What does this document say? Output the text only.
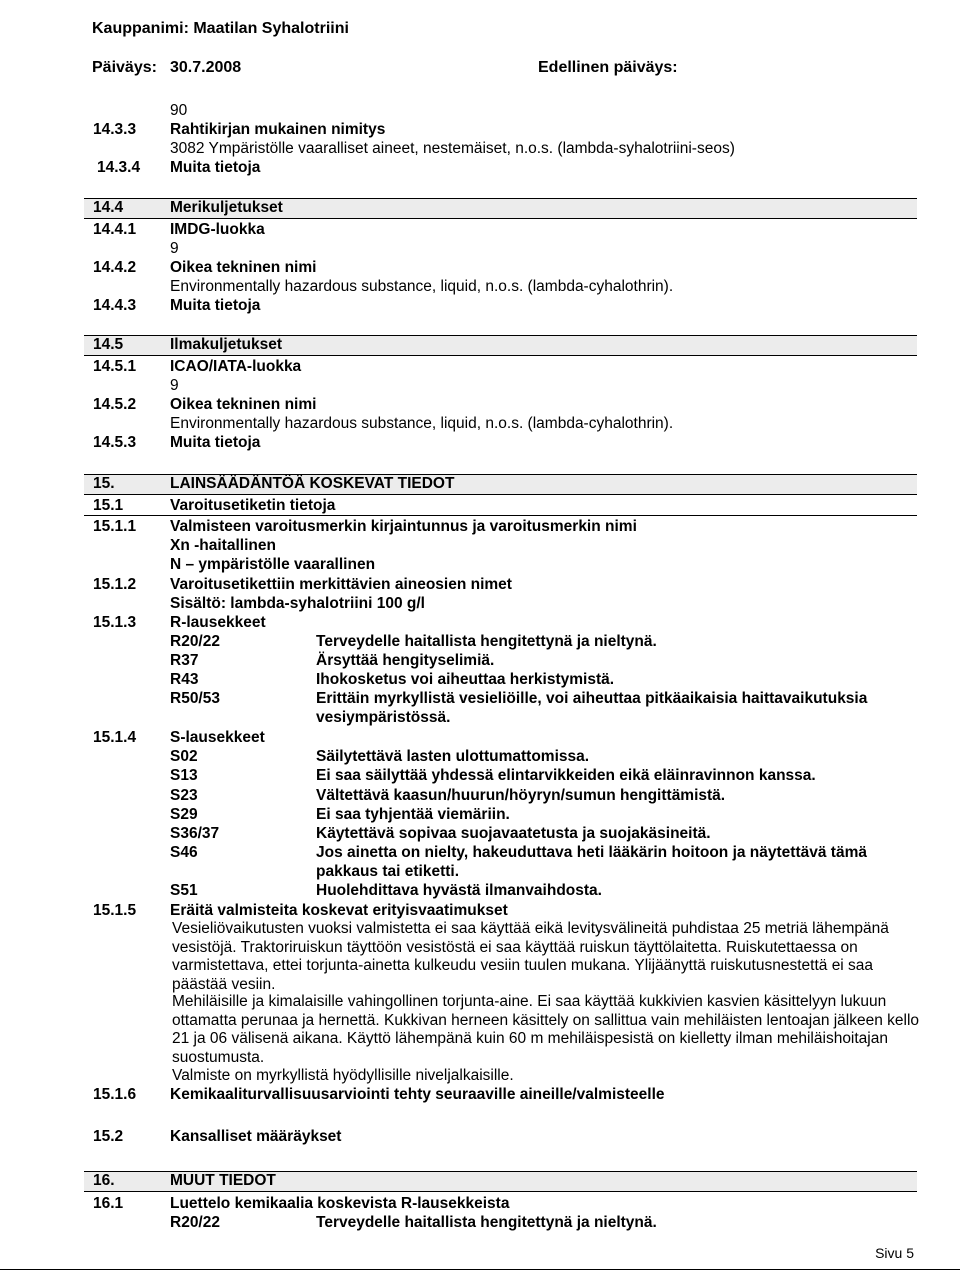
Kauppanimi: Maatilan Syhalotriini
Päiväys: 30.7.2008	Edellinen päiväys:
90
14.3.3 Rahtikirjan mukainen nimitys
3082 Ympäristölle vaaralliset aineet, nestemäiset, n.o.s. (lambda-syhalotriini-seos)
14.3.4 Muita tietoja
14.4	Merikuljetukset
14.4.1 IMDG-luokka
9
14.4.2 Oikea tekninen nimi
Environmentally hazardous substance, liquid, n.o.s. (lambda-cyhalothrin).
14.4.3 Muita tietoja
14.5	Ilmakuljetukset
14.5.1 ICAO/IATA-luokka
9
14.5.2 Oikea tekninen nimi
Environmentally hazardous substance, liquid, n.o.s. (lambda-cyhalothrin).
14.5.3 Muita tietoja
15.	LAINSÄÄDÄNTÖÄ KOSKEVAT TIEDOT
15.1	Varoitusetiketin tietoja
15.1.1 Valmisteen varoitusmerkin kirjaintunnus ja varoitusmerkin nimi
Xn -haitallinen
N – ympäristölle vaarallinen
15.1.2 Varoitusetikettiin merkittävien aineosien nimet
Sisältö: lambda-syhalotriini 100 g/l
15.1.3 R-lausekkeet
R20/22	Terveydelle haitallista hengitettynä ja nieltynä.
R37	Ärsyttää hengityselimiä.
R43	Ihokosketus voi aiheuttaa herkistymistä.
R50/53	Erittäin myrkyllistä vesieliöille, voi aiheuttaa pitkäaikaisia haittavaikutuksia
vesiympäristössä.
15.1.4 S-lausekkeet
S02	Säilytettävä lasten ulottumattomissa.
S13	Ei saa säilyttää yhdessä elintarvikkeiden eikä eläinravinnon kanssa.
S23	Vältettävä kaasun/huurun/höyryn/sumun hengittämistä.
S29	Ei saa tyhjentää viemäriin.
S36/37	Käytettävä sopivaa suojavaatetusta ja suojakäsineitä.
S46	Jos ainetta on nielty, hakeuduttava heti lääkärin hoitoon ja näytettävä tämä
pakkaus tai etiketti.
S51	Huolehdittava hyvästä ilmanvaihdosta.
15.1.5 Eräitä valmisteita koskevat erityisvaatimukset
Vesieliövaikutusten vuoksi valmistetta ei saa käyttää eikä levitysvälineitä puhdistaa 25 metriä lähempänä vesistöjä. Traktoriruiskun täyttöön vesistöstä ei saa käyttää ruiskun täyttölaitetta. Ruiskutettaessa on varmistettava, ettei torjunta-ainetta kulkeudu vesiin tuulen mukana. Ylijäänyttä ruiskutusnestettä ei saa päästää vesiin.
Mehiläisille ja kimalaisille vahingollinen torjunta-aine. Ei saa käyttää kukkivien kasvien käsittelyyn lukuun ottamatta perunaa ja hernettä. Kukkivan herneen käsittely on sallittua vain mehiläisten lentoajan jälkeen kello 21 ja 06 välisenä aikana. Käyttö lähempänä kuin 60 m mehiläispesistä on kielletty ilman mehiläishoitajan suostumusta.
Valmiste on myrkyllistä hyödyllisille niveljalkaisille.
15.1.6 Kemikaaliturvallisuusarviointi tehty seuraaville aineille/valmisteelle
15.2	Kansalliset määräykset
16.	MUUT TIEDOT
16.1	Luettelo kemikaalia koskevista R-lausekkeista
R20/22	Terveydelle haitallista hengitettynä ja nieltynä.
Sivu 5
